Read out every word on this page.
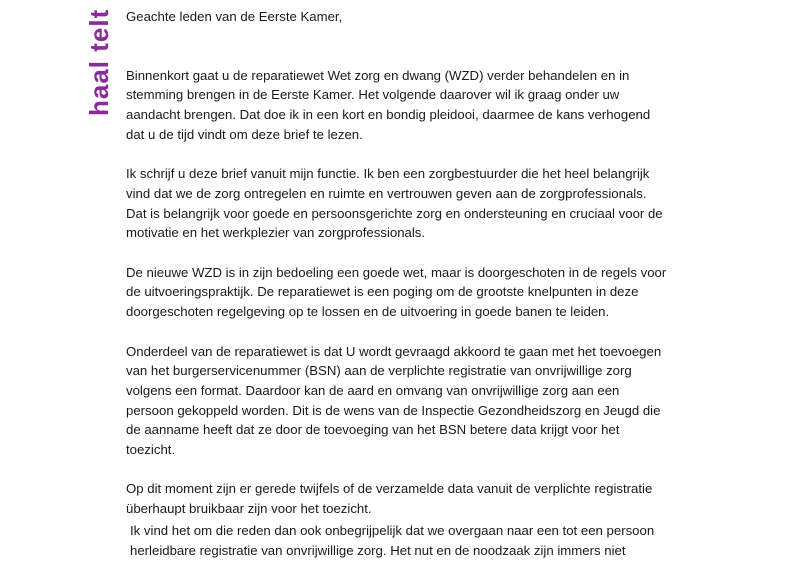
haal telt Geachte leden van de Eerste Kamer,
Binnenkort gaat u de reparatiewet Wet zorg en dwang (WZD) verder behandelen en in
stemming brengen in de Eerste Kamer. Het volgende daarover wil ik graag onder uw
aandacht brengen. Dat doe ik in een kort en bondig pleidooi, daarmee de kans verhogend
dat u de tijd vindt om deze brief te lezen.
Ik schrijf u deze brief vanuit mijn functie. Ik ben een zorgbestuurder die het heel belangrijk
vind dat we de zorg ontregelen en ruimte en vertrouwen geven aan de zorgprofessionals.
Dat is belangrijk voor goede en persoonsgerichte zorg en ondersteuning en cruciaal voor de
motivatie en het werkplezier van zorgprofessionals.
De nieuwe WZD is in zijn bedoeling een goede wet, maar is doorgeschoten in de regels voor
de uitvoeringspraktijk. De reparatiewet is een poging om de grootste knelpunten in deze
doorgeschoten regelgeving op te lossen en de uitvoering in goede banen te leiden.
Onderdeel van de reparatiewet is dat U wordt gevraagd akkoord te gaan met het toevoegen
van het burgerservicenummer (BSN) aan de verplichte registratie van onvrijwillige zorg
volgens een format. Daardoor kan de aard en omvang van onvrijwillige zorg aan een
persoon gekoppeld worden. Dit is de wens van de Inspectie Gezondheidszorg en Jeugd die
de aanname heeft dat ze door de toevoeging van het BSN betere data krijgt voor het
toezicht.
Op dit moment zijn er gerede twijfels of de verzamelde data vanuit de verplichte registratie
überhaupt bruikbaar zijn voor het toezicht.
Ik vind het om die reden dan ook onbegrijpelijk dat we overgaan naar een tot een persoon
herleidbare registratie van onvrijwillige zorg. Het nut en de noodzaak zijn immers niet
